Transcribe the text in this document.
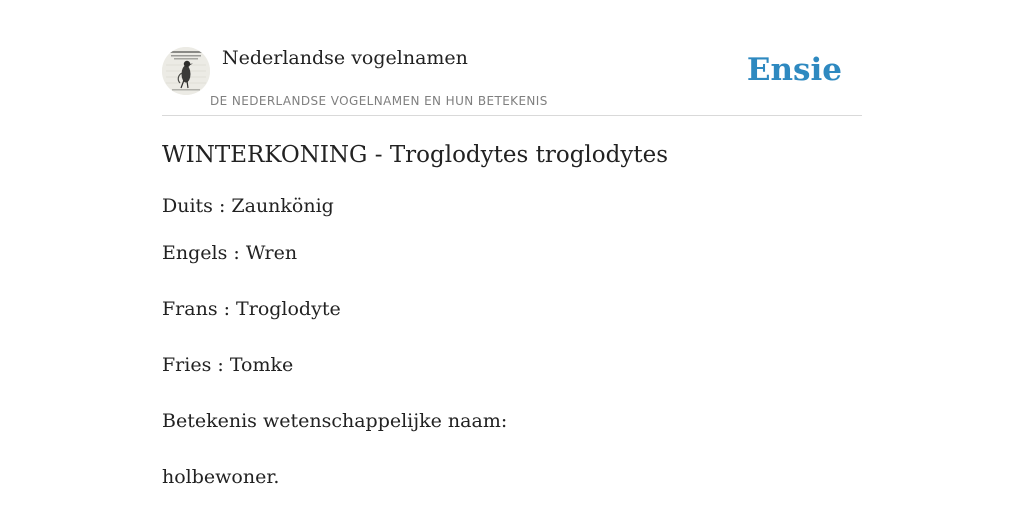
Nederlandse vogelnamen
DE NEDERLANDSE VOGELNAMEN EN HUN BETEKENIS
Ensie
WINTERKONING - Troglodytes troglodytes
Duits : Zaunkönig
Engels : Wren
Frans : Troglodyte
Fries : Tomke
Betekenis wetenschappelijke naam:
holbewoner.
